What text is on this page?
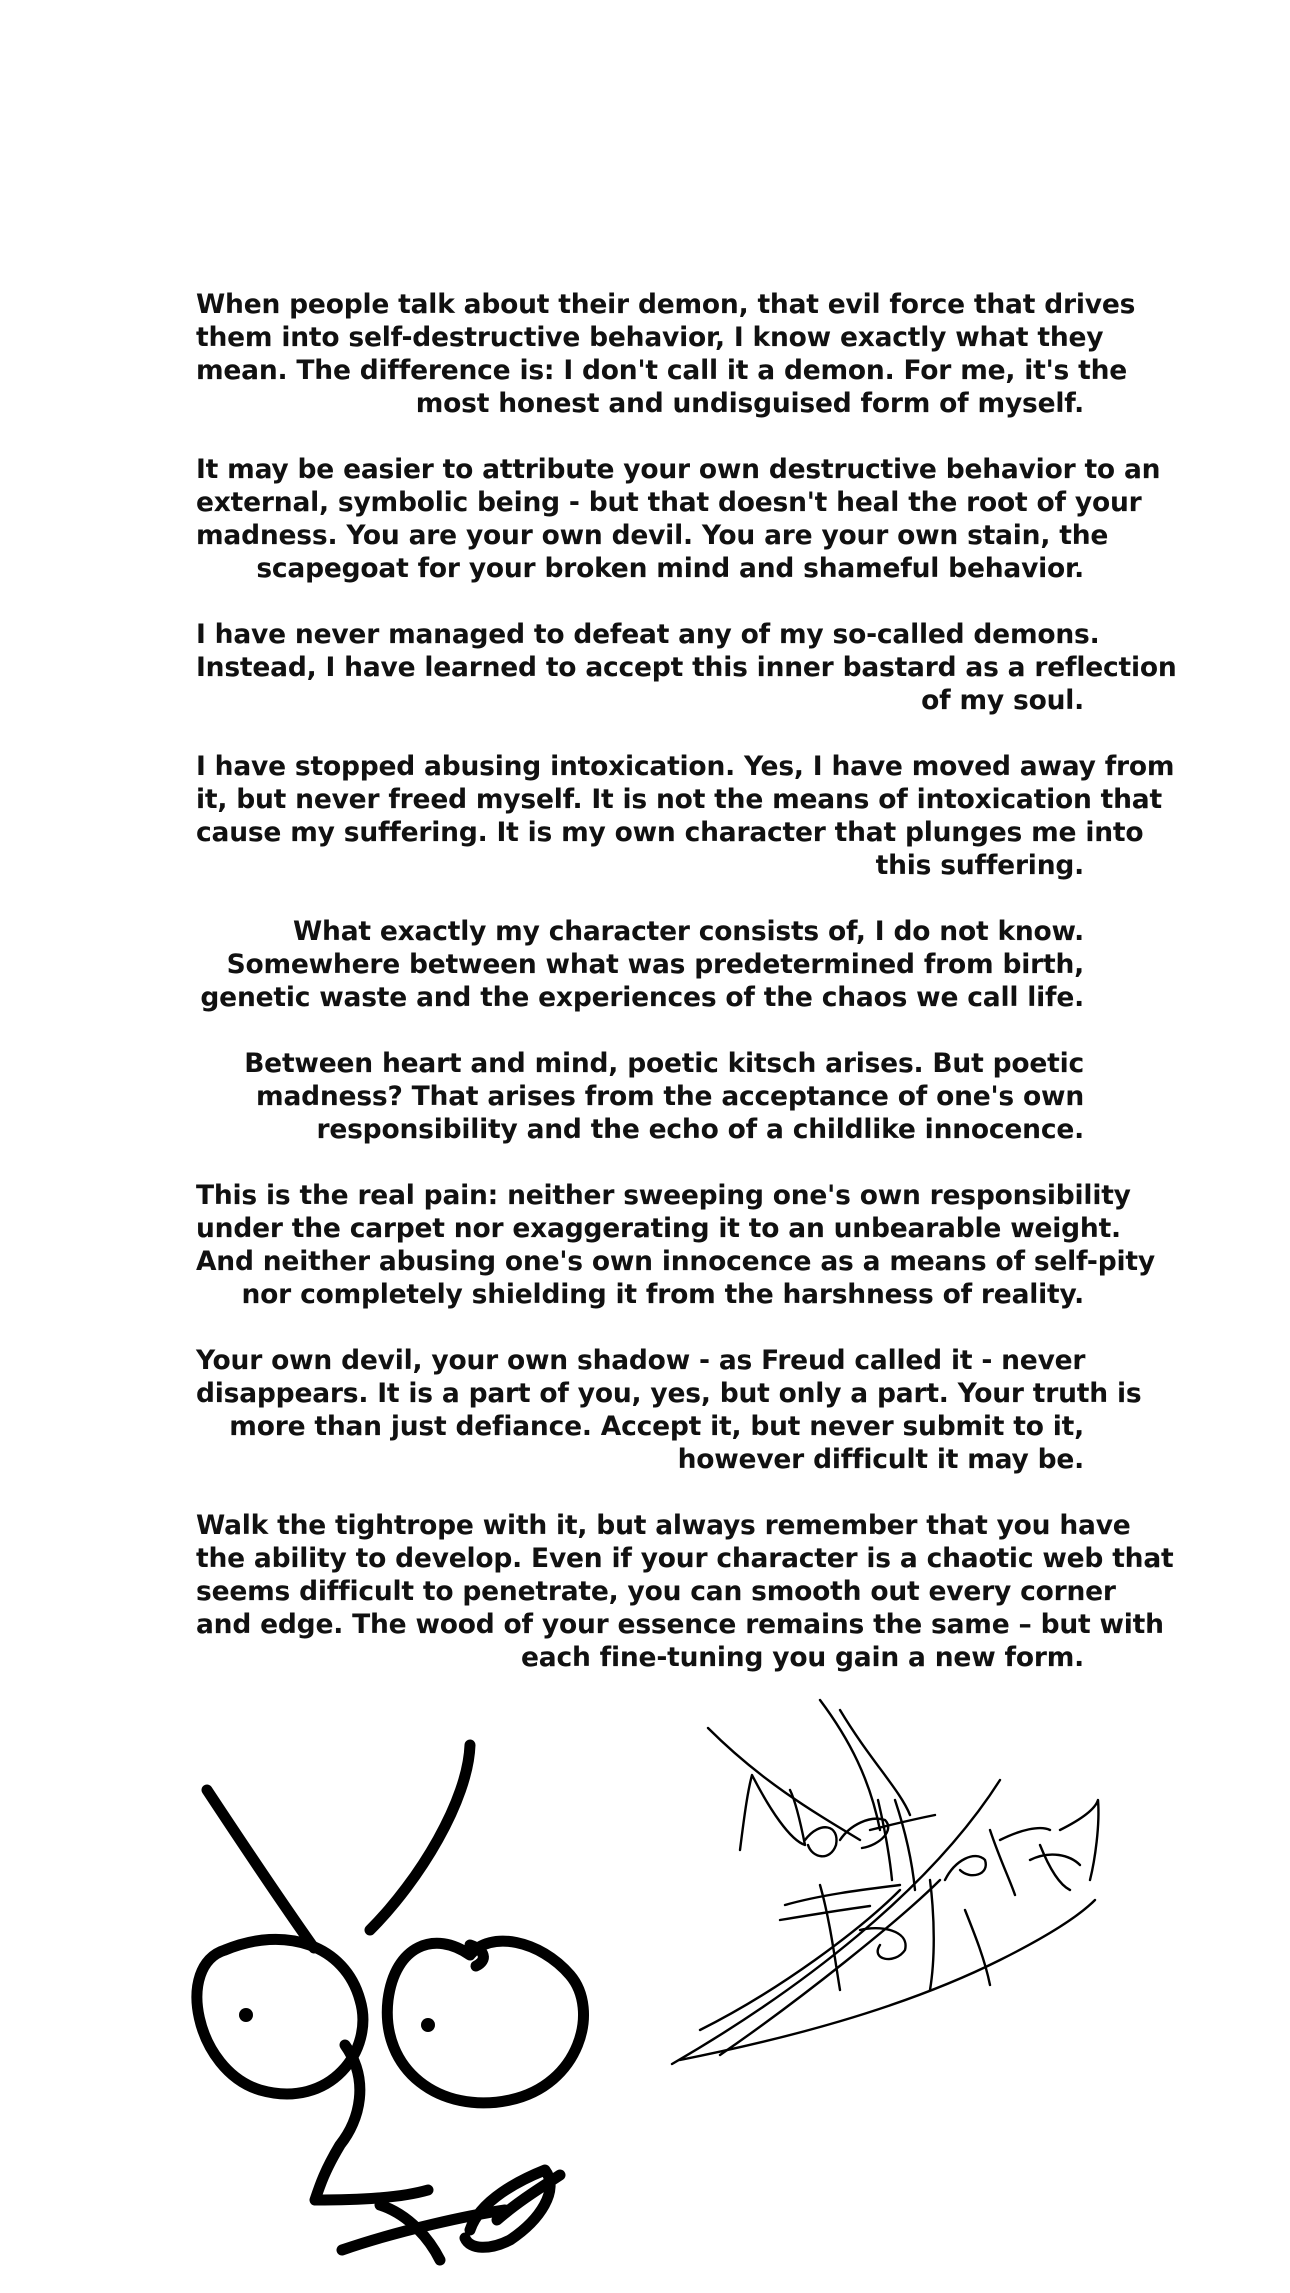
When people talk about their demon, that evil force that drives
them into self-destructive behavior, I know exactly what they
mean. The difference is: I don't call it a demon. For me, it's the
most honest and undisguised form of myself.

It may be easier to attribute your own destructive behavior to an
external, symbolic being - but that doesn't heal the root of your
madness. You are your own devil. You are your own stain, the
scapegoat for your broken mind and shameful behavior.

I have never managed to defeat any of my so-called demons.
Instead, I have learned to accept this inner bastard as a reflection
of my soul.

I have stopped abusing intoxication. Yes, I have moved away from
it, but never freed myself. It is not the means of intoxication that
cause my suffering. It is my own character that plunges me into
this suffering.

What exactly my character consists of, I do not know.
Somewhere between what was predetermined from birth,
genetic waste and the experiences of the chaos we call life.

Between heart and mind, poetic kitsch arises. But poetic
madness? That arises from the acceptance of one's own
responsibility and the echo of a childlike innocence.

This is the real pain: neither sweeping one's own responsibility
under the carpet nor exaggerating it to an unbearable weight.
And neither abusing one's own innocence as a means of self-pity
nor completely shielding it from the harshness of reality.

Your own devil, your own shadow - as Freud called it - never
disappears. It is a part of you, yes, but only a part. Your truth is
more than just defiance. Accept it, but never submit to it,
however difficult it may be.

Walk the tightrope with it, but always remember that you have
the ability to develop. Even if your character is a chaotic web that
seems difficult to penetrate, you can smooth out every corner
and edge. The wood of your essence remains the same – but with
each fine-tuning you gain a new form.
